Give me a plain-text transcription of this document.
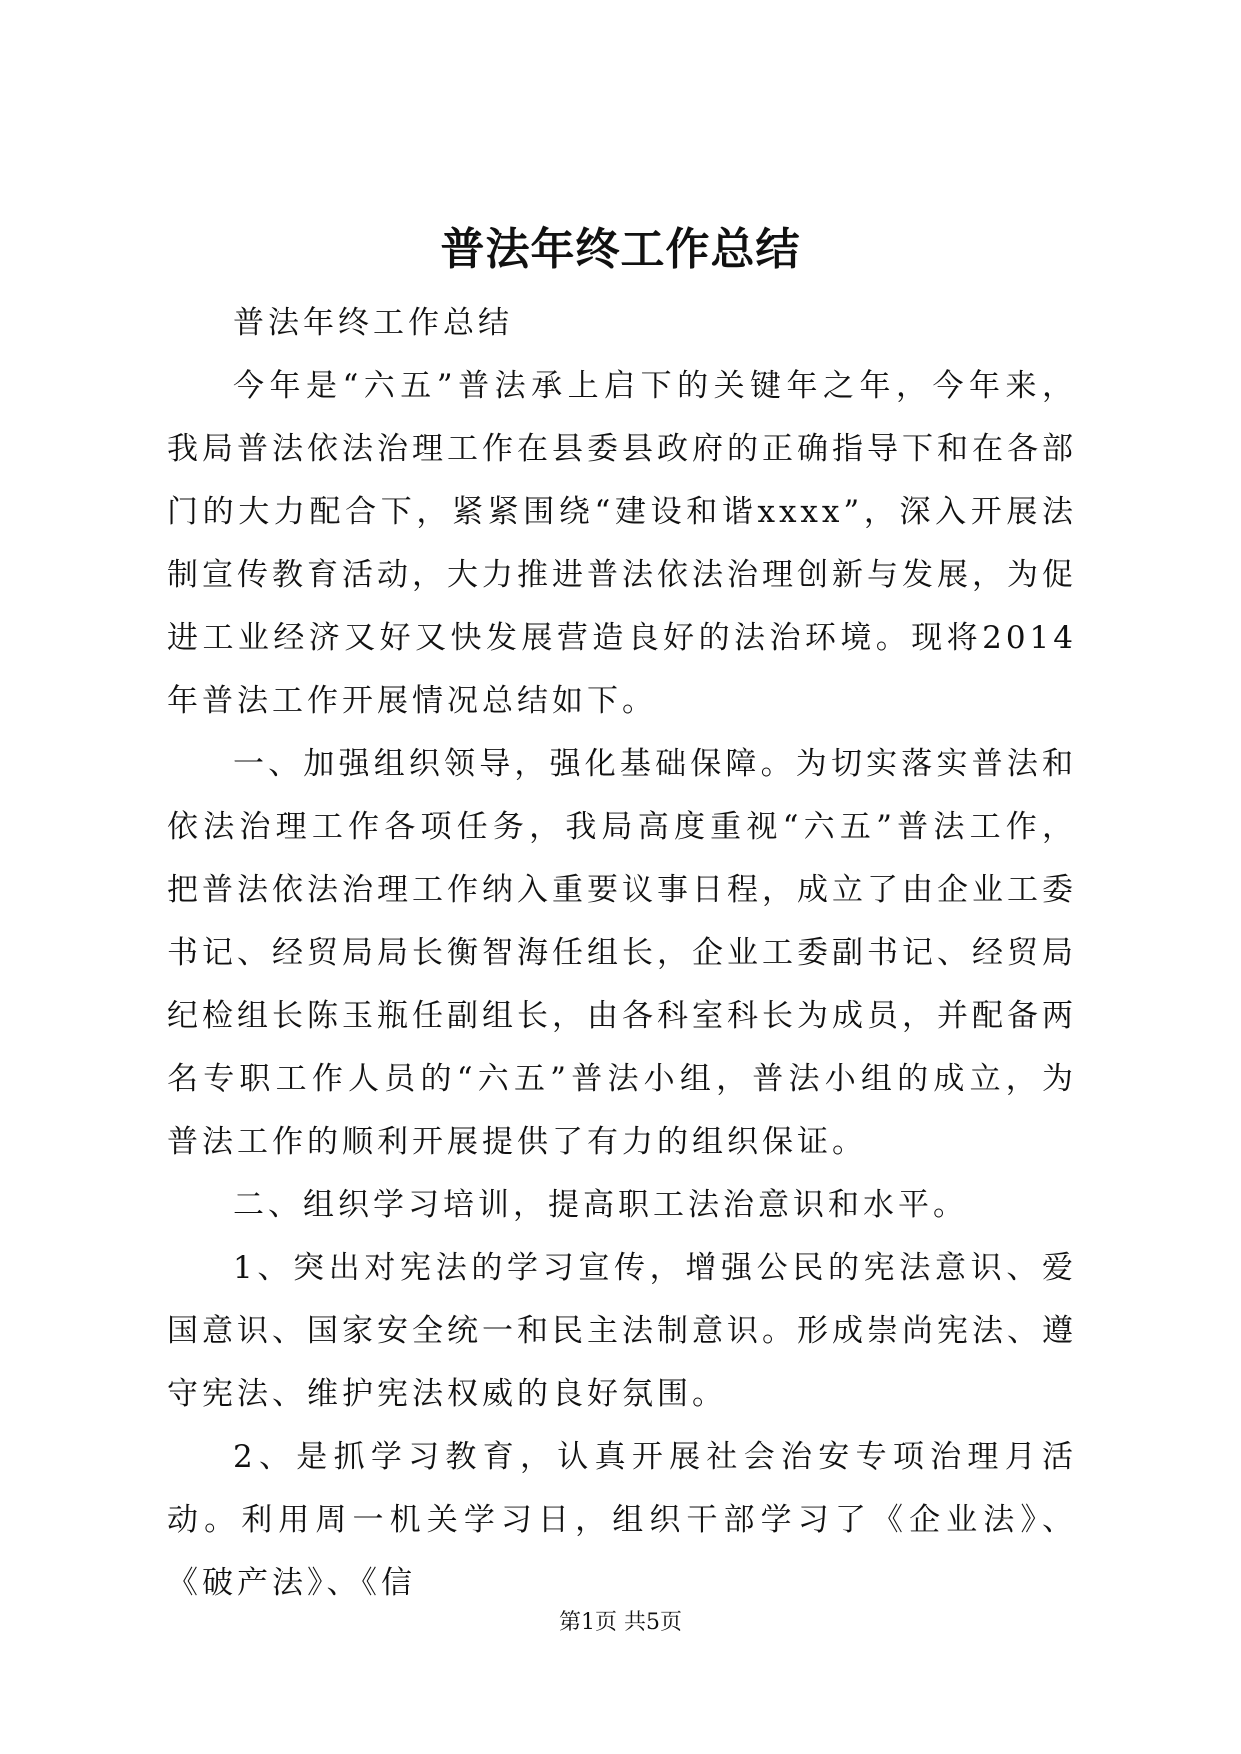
普法年终工作总结

普法年终工作总结

今年是“六五”普法承上启下的关键年之年，今年来，我局普法依法治理工作在县委县政府的正确指导下和在各部门的大力配合下，紧紧围绕“建设和谐xxxx”，深入开展法制宣传教育活动，大力推进普法依法治理创新与发展，为促进工业经济又好又快发展营造良好的法治环境。现将2014年普法工作开展情况总结如下。

一、加强组织领导，强化基础保障。为切实落实普法和依法治理工作各项任务，我局高度重视“六五”普法工作，把普法依法治理工作纳入重要议事日程，成立了由企业工委书记、经贸局局长衡智海任组长，企业工委副书记、经贸局纪检组长陈玉瓶任副组长，由各科室科长为成员，并配备两名专职工作人员的“六五”普法小组，普法小组的成立，为普法工作的顺利开展提供了有力的组织保证。

二、组织学习培训，提高职工法治意识和水平。

1、突出对宪法的学习宣传，增强公民的宪法意识、爱国意识、国家安全统一和民主法制意识。形成崇尚宪法、遵守宪法、维护宪法权威的良好氛围。

2、是抓学习教育，认真开展社会治安专项治理月活动。利用周一机关学习日，组织干部学习了《企业法》、《破产法》、《信

第1页 共5页
